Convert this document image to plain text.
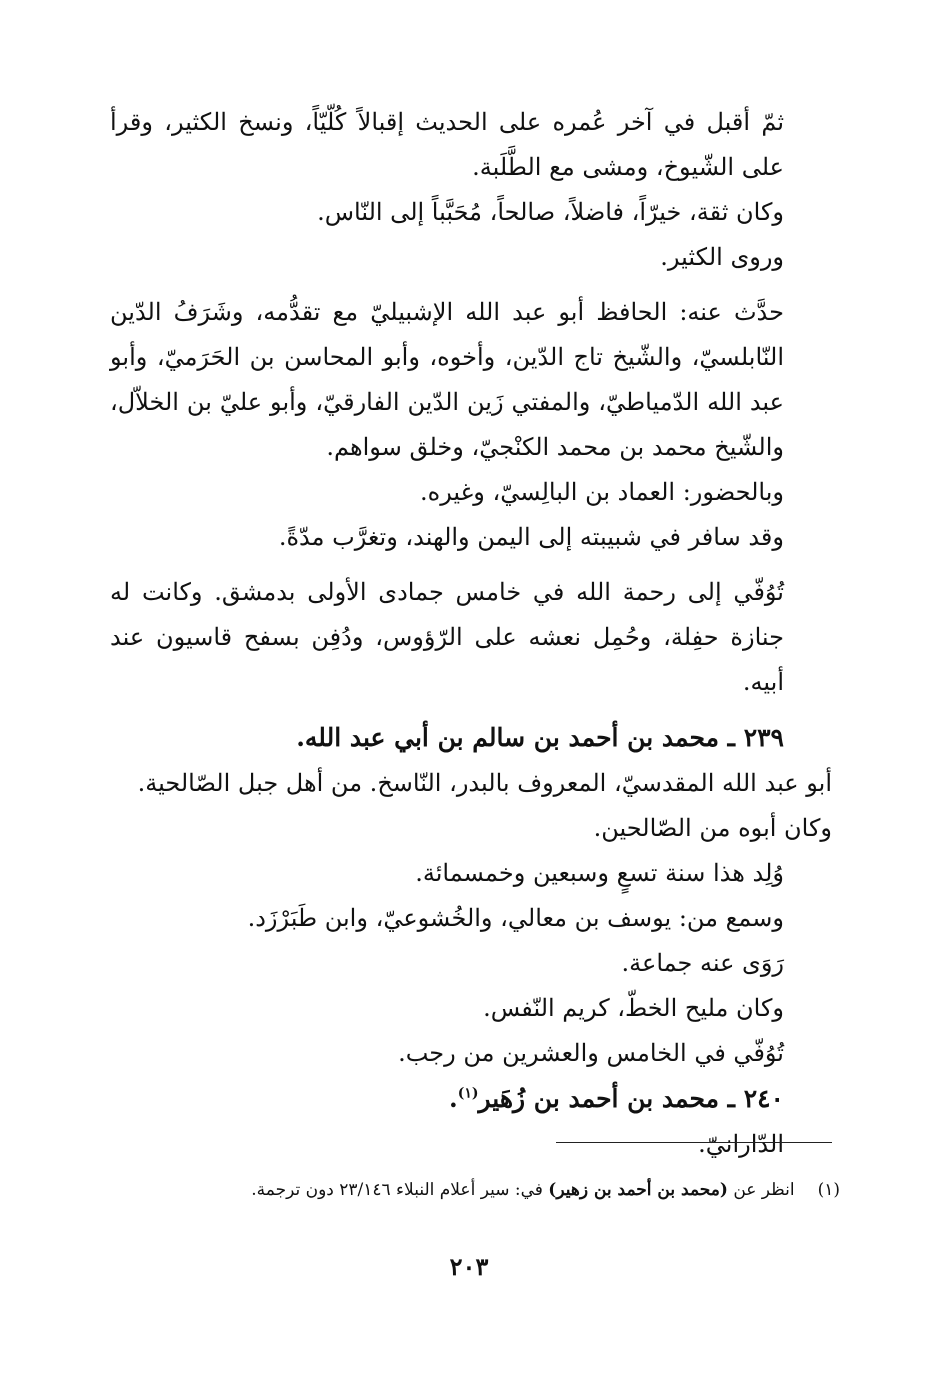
ثمّ أقبل في آخر عُمره على الحديث إقبالاً كُلّيّاً، ونسخ الكثير، وقرأ على الشّيوخ، ومشى مع الطَّلَبة.

وكان ثقة، خيرّاً، فاضلاً، صالحاً، مُحَبَّباً إلى النّاس.

وروى الكثير.

حدَّث عنه: الحافظ أبو عبد الله الإشبيليّ مع تقدُّمه، وشَرَفُ الدّين النّابلسيّ، والشّيخ تاج الدّين، وأخوه، وأبو المحاسن بن الحَرَميّ، وأبو عبد الله الدّمياطيّ، والمفتي زَين الدّين الفارقيّ، وأبو عليّ بن الخلاّل، والشّيخ محمد بن محمد الكنْجيّ، وخلق سواهم.

وبالحضور: العماد بن البالِسيّ، وغيره.

وقد سافر في شبيبته إلى اليمن والهند، وتغرَّب مدّةً.

تُوُفّي إلى رحمة الله في خامس جمادى الأولى بدمشق. وكانت له جنازة حفِلة، وحُمِل نعشه على الرّؤوس، ودُفِن بسفح قاسيون عند أبيه.

٢٣٩ ـ محمد بن أحمد بن سالم بن أبي عبد الله.

أبو عبد الله المقدسيّ، المعروف بالبدر، النّاسخ. من أهل جبل الصّالحية. وكان أبوه من الصّالحين.

وُلِد هذا سنة تسعٍ وسبعين وخمسمائة.

وسمع من: يوسف بن معالي، والخُشوعيّ، وابن طَبَرْزَد.

رَوَى عنه جماعة.

وكان مليح الخطّ، كريم النّفس.

تُوُفّي في الخامس والعشرين من رجب.

٢٤٠ ـ محمد بن أحمد بن زُهَير$^{(١)}$.

الدّارانيّ.

(١) انظر عن (محمد بن أحمد بن زهير) في: سير أعلام النبلاء ٢٣/١٤٦ دون ترجمة.
٢٠٣
